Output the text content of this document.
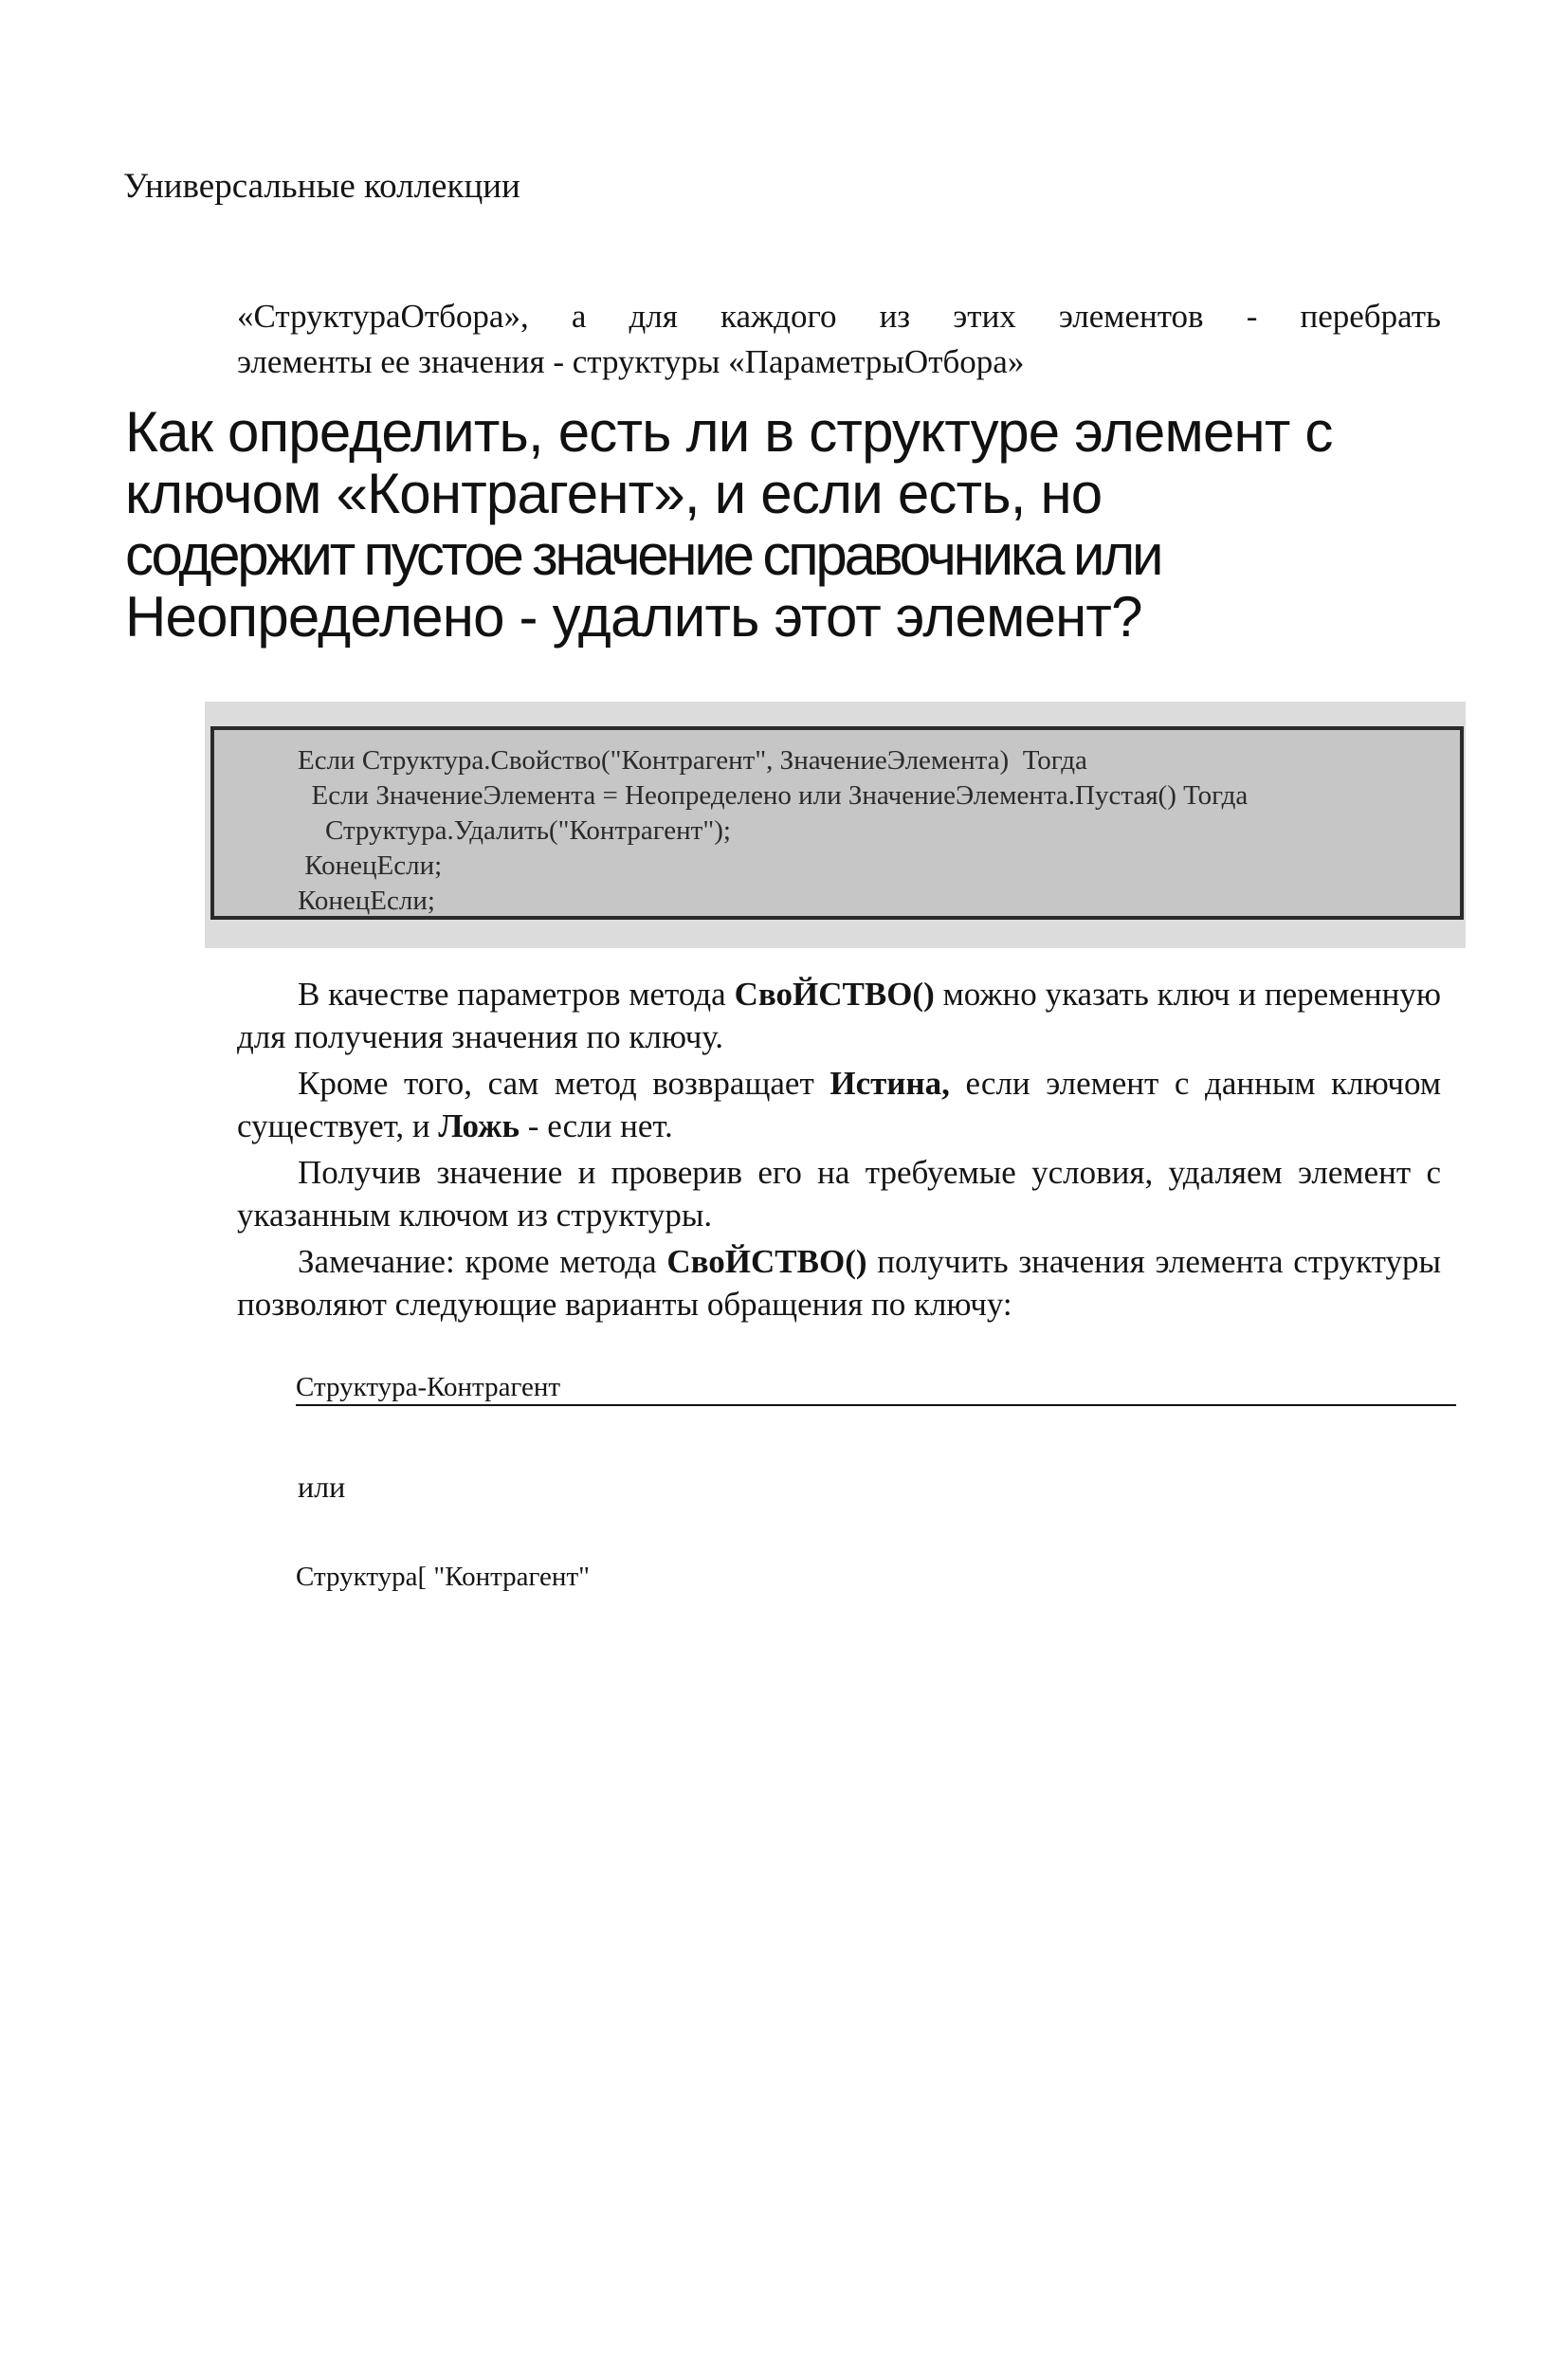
Универсальные коллекции
«СтруктураОтбора», а для каждого из этих элементов - перебрать
элементы ее значения - структуры «ПараметрыОтбора»
Как определить, есть ли в структуре элемент с
ключом «Контрагент», и если есть, но
содержит пустое значение справочника или
Неопределено - удалить этот элемент?
Если Структура.Свойство("Контрагент", ЗначениеЭлемента)  Тогда
Если ЗначениеЭлемента = Неопределено или ЗначениеЭлемента.Пустая() Тогда
Структура.Удалить("Контрагент");
КонецЕсли;
КонецЕсли;

В качестве параметров метода СвоЙСТВО() можно указать ключ и переменную для получения значения по ключу.

Кроме того, сам метод возвращает Истина, если элемент с данным ключом существует, и Ложь - если нет.

Получив значение и проверив его на требуемые условия, удаляем элемент с указанным ключом из структуры.

Замечание: кроме метода СвоЙСТВО() получить значения элемента структуры позволяют следующие варианты обращения по ключу:

Структура-Контрагент
или
Структура[ "Контрагент"
